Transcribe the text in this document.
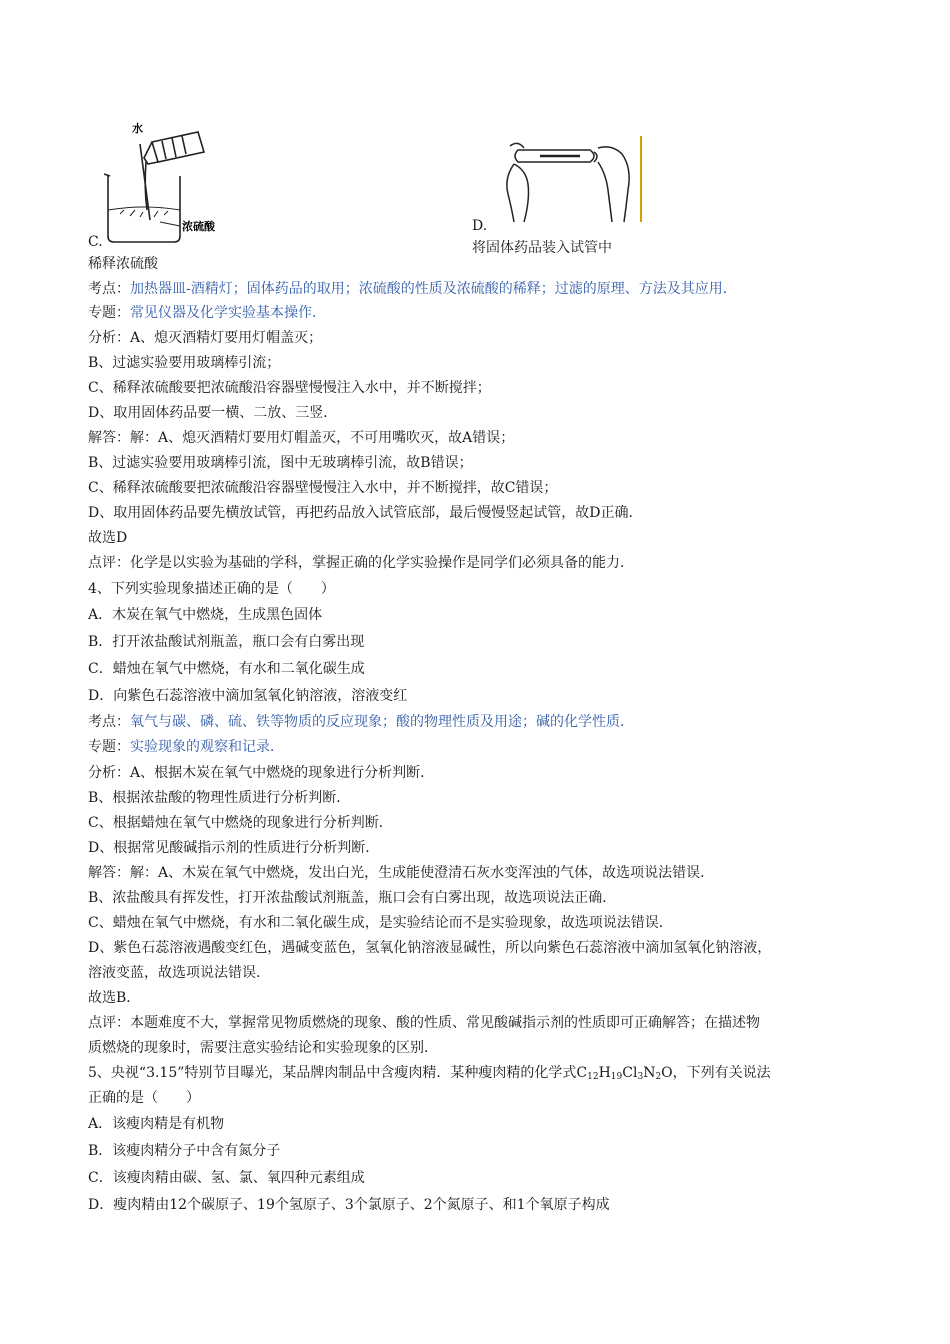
水
浓硫酸
C.
稀释浓硫酸
D.
将固体药品装入试管中
考点：加热器皿-酒精灯；固体药品的取用；浓硫酸的性质及浓硫酸的稀释；过滤的原理、方法及其应用．
专题：常见仪器及化学实验基本操作．
分析：A、熄灭酒精灯要用灯帽盖灭；
B、过滤实验要用玻璃棒引流；
C、稀释浓硫酸要把浓硫酸沿容器壁慢慢注入水中，并不断搅拌；
D、取用固体药品要一横、二放、三竖．
解答：解：A、熄灭酒精灯要用灯帽盖灭，不可用嘴吹灭，故A错误；
B、过滤实验要用玻璃棒引流，图中无玻璃棒引流，故B错误；
C、稀释浓硫酸要把浓硫酸沿容器壁慢慢注入水中，并不断搅拌，故C错误；
D、取用固体药品要先横放试管，再把药品放入试管底部，最后慢慢竖起试管，故D正确．
故选D
点评：化学是以实验为基础的学科，掌握正确的化学实验操作是同学们必须具备的能力．
4、下列实验现象描述正确的是（　　）
A．木炭在氧气中燃烧，生成黑色固体
B．打开浓盐酸试剂瓶盖，瓶口会有白雾出现
C．蜡烛在氧气中燃烧，有水和二氧化碳生成
D．向紫色石蕊溶液中滴加氢氧化钠溶液，溶液变红
考点：氧气与碳、磷、硫、铁等物质的反应现象；酸的物理性质及用途；碱的化学性质．
专题：实验现象的观察和记录．
分析：A、根据木炭在氧气中燃烧的现象进行分析判断．
B、根据浓盐酸的物理性质进行分析判断．
C、根据蜡烛在氧气中燃烧的现象进行分析判断．
D、根据常见酸碱指示剂的性质进行分析判断．
解答：解：A、木炭在氧气中燃烧，发出白光，生成能使澄清石灰水变浑浊的气体，故选项说法错误．
B、浓盐酸具有挥发性，打开浓盐酸试剂瓶盖，瓶口会有白雾出现，故选项说法正确．
C、蜡烛在氧气中燃烧，有水和二氧化碳生成，是实验结论而不是实验现象，故选项说法错误．
D、紫色石蕊溶液遇酸变红色，遇碱变蓝色，氢氧化钠溶液显碱性，所以向紫色石蕊溶液中滴加氢氧化钠溶液，
溶液变蓝，故选项说法错误．
故选B．
点评：本题难度不大，掌握常见物质燃烧的现象、酸的性质、常见酸碱指示剂的性质即可正确解答；在描述物
质燃烧的现象时，需要注意实验结论和实验现象的区别．
5、央视“3.15”特别节目曝光，某品牌肉制品中含瘦肉精．某种瘦肉精的化学式$C_{12}H_{19}Cl_3N_2O$，下列有关说法
正确的是（　　）
A．该瘦肉精是有机物
B．该瘦肉精分子中含有氮分子
C．该瘦肉精由碳、氢、氯、氧四种元素组成
D．瘦肉精由12个碳原子、19个氢原子、3个氯原子、2个氮原子、和1个氧原子构成
